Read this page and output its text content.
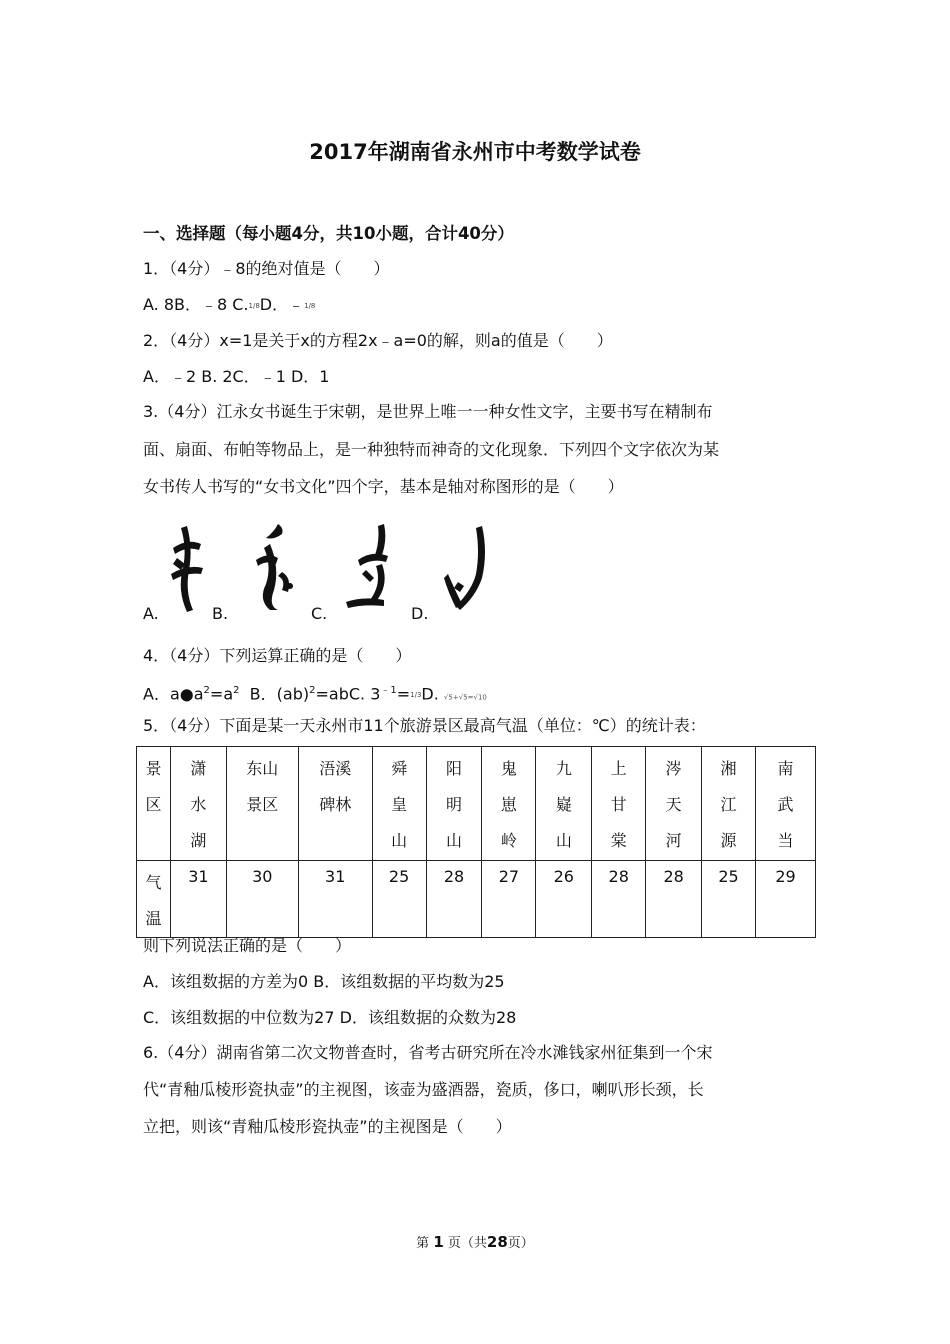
2017年湖南省永州市中考数学试卷
一、选择题（每小题4分，共10小题，合计40分）
1．（4分）﹣8的绝对值是（　　）
A. 8B．﹣8 C.1/8D．﹣1/8
2．（4分）x=1是关于x的方程2x﹣a=0的解，则a的值是（　　）
A．﹣2 B. 2C．﹣1 D．1
3.（4分）江永女书诞生于宋朝，是世界上唯一一种女性文字，主要书写在精制布
面、扇面、布帕等物品上，是一种独特而神奇的文化现象．下列四个文字依次为某
女书传人书写的“女书文化”四个字，基本是轴对称图形的是（　　）
A.	B.	C.	D.
4．（4分）下列运算正确的是（　　）
A．$a●a^2=a^2$ B．(ab)$^2$=abC. $3^{﹣1}=1/3D$. √5+√5=√10
5．（4分）下面是某一天永州市11个旅游景区最高气温（单位：℃）的统计表：
景区	潇水湖	东山景区	浯溪碑林	舜皇山	阳明山	鬼崽岭	九嶷山	上甘棠	涔天河	湘江源	南武当
气温	31	30	31	25	28	27	26	28	28	25	29
则下列说法正确的是（　　）
A．该组数据的方差为0 B．该组数据的平均数为25
C．该组数据的中位数为27 D．该组数据的众数为28
6.（4分）湖南省第二次文物普查时，省考古研究所在冷水滩钱家州征集到一个宋
代“青釉瓜棱形瓷执壶”的主视图，该壶为盛酒器，瓷质，侈口，喇叭形长颈，长
立把，则该“青釉瓜棱形瓷执壶”的主视图是（　　）
第 1 页（共28页）
